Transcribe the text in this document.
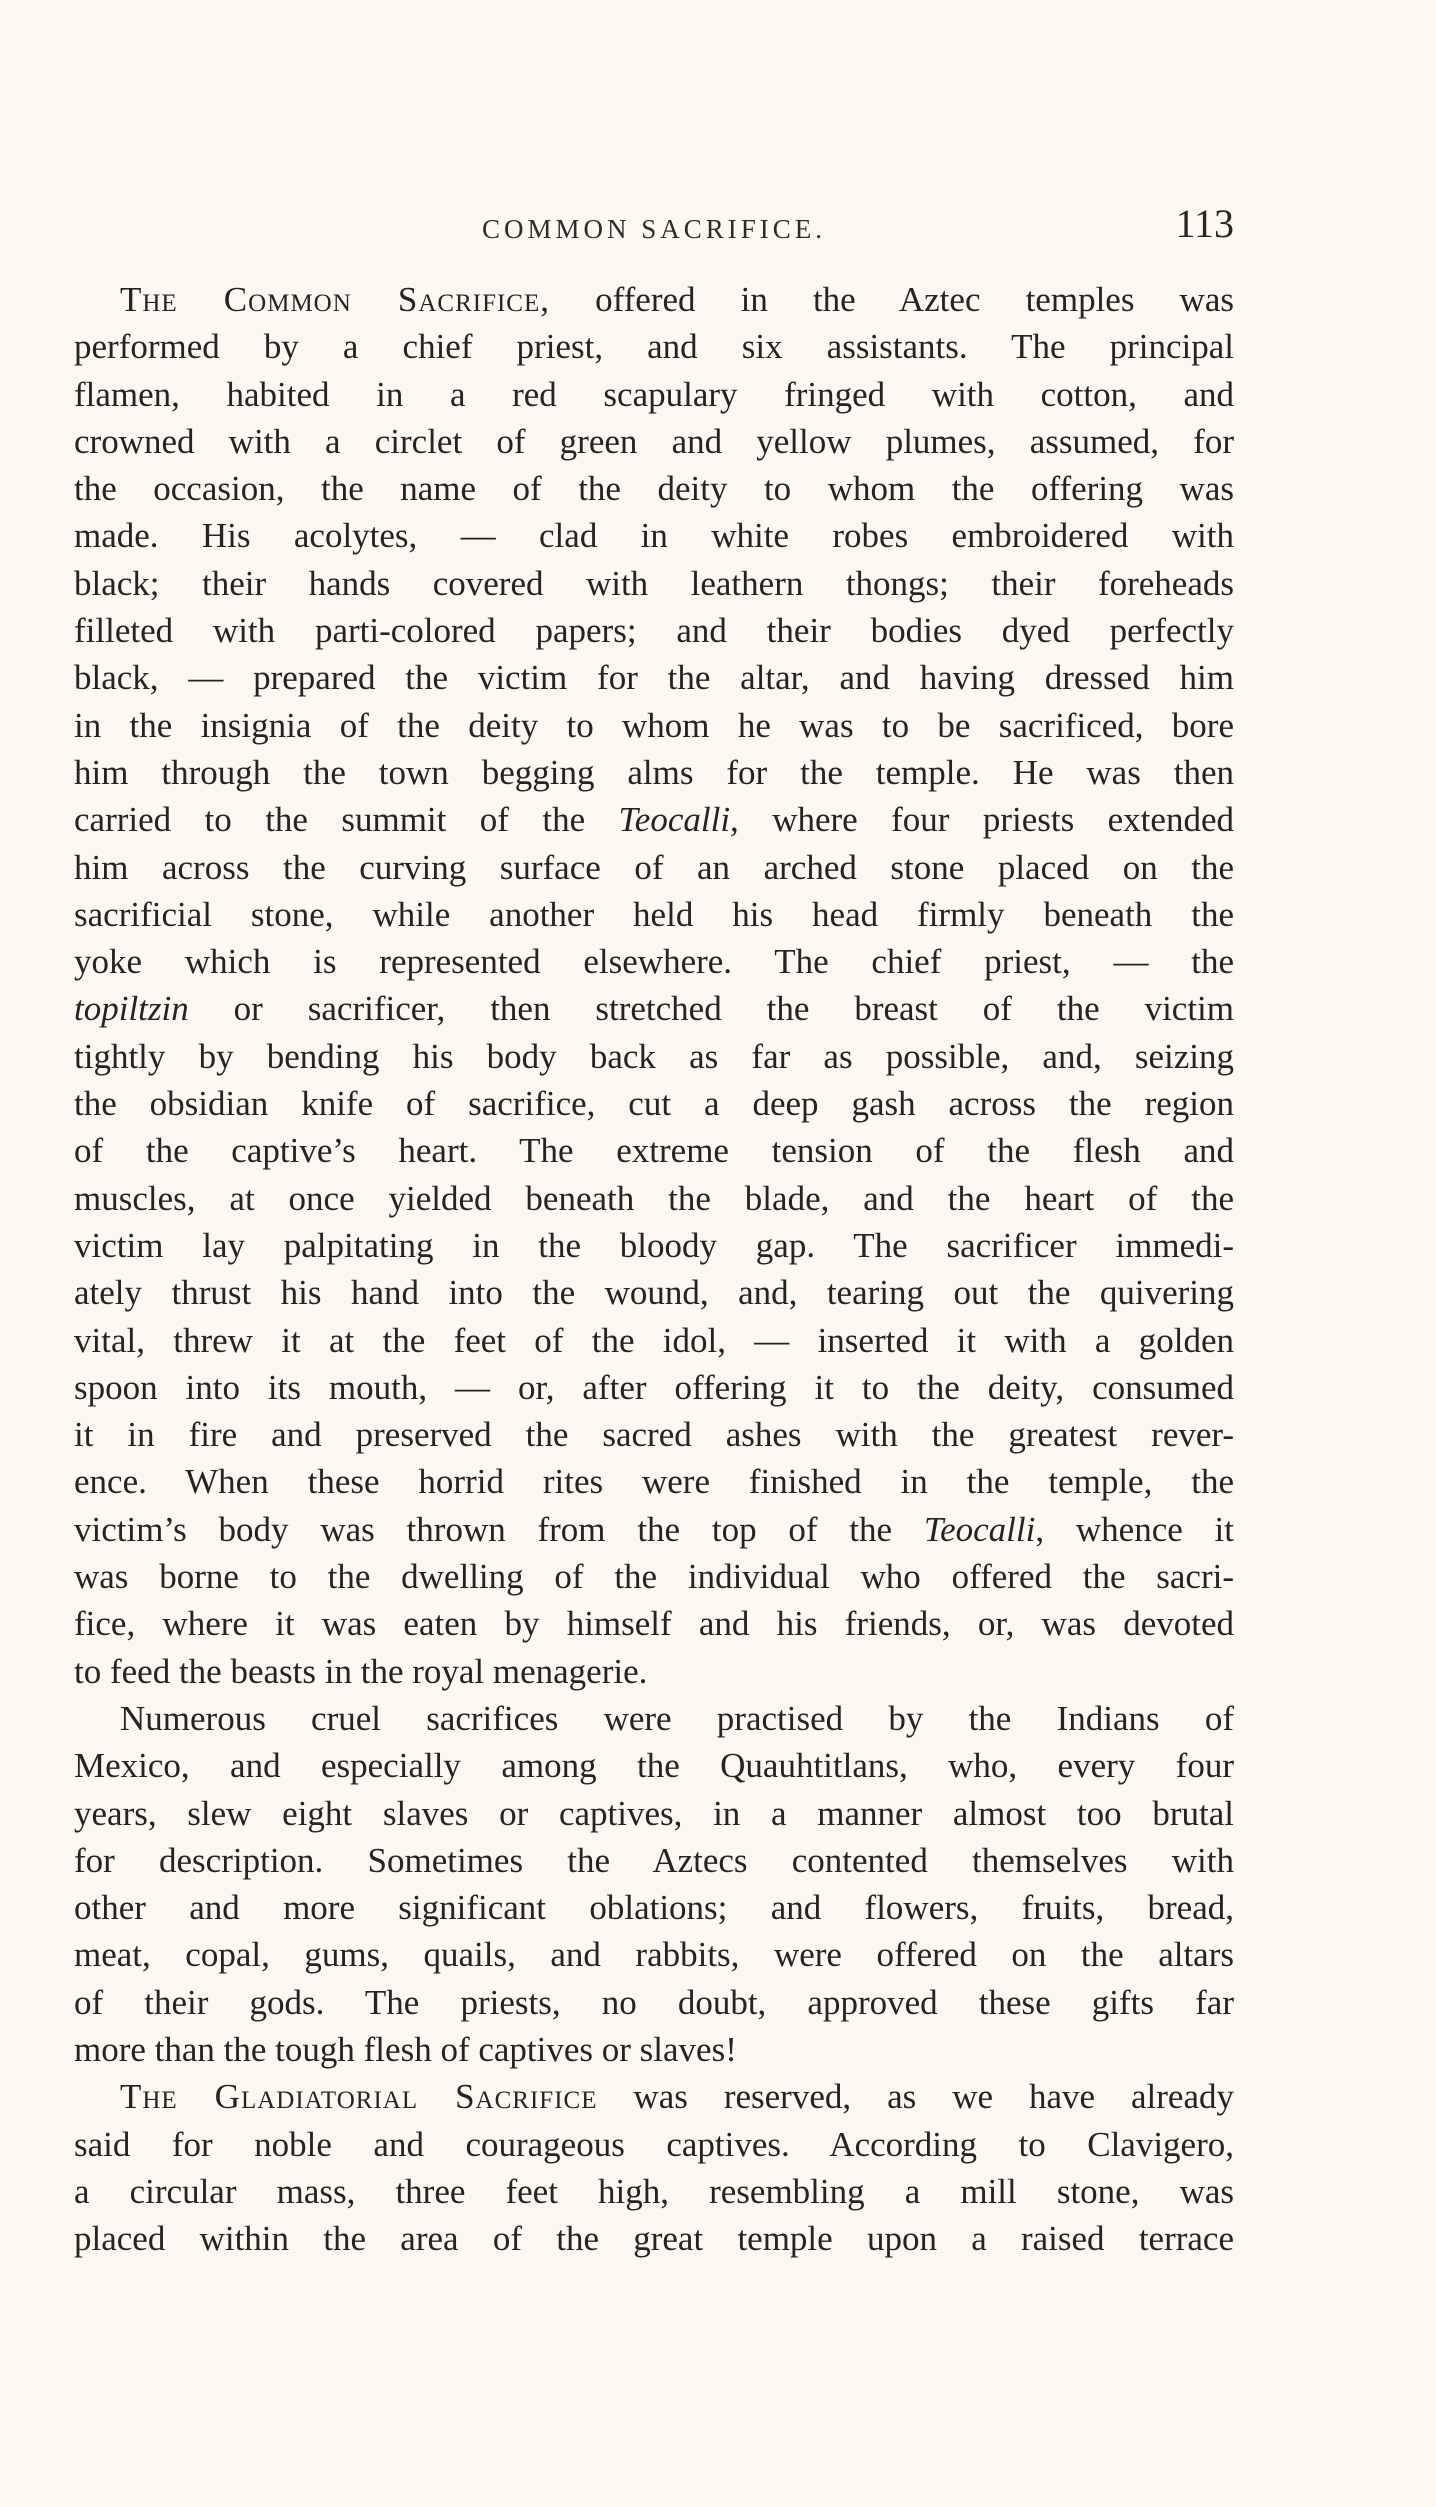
COMMON SACRIFICE.	113
The Common Sacrifice, offered in the Aztec temples was
performed by a chief priest, and six assistants. The principal
flamen, habited in a red scapulary fringed with cotton, and
crowned with a circlet of green and yellow plumes, assumed, for
the occasion, the name of the deity to whom the offering was
made. His acolytes, — clad in white robes embroidered with
black; their hands covered with leathern thongs; their foreheads
filleted with parti-colored papers; and their bodies dyed perfectly
black, — prepared the victim for the altar, and having dressed him
in the insignia of the deity to whom he was to be sacrificed, bore
him through the town begging alms for the temple. He was then
carried to the summit of the Teocalli, where four priests extended
him across the curving surface of an arched stone placed on the
sacrificial stone, while another held his head firmly beneath the
yoke which is represented elsewhere. The chief priest, — the
topiltzin or sacrificer, then stretched the breast of the victim
tightly by bending his body back as far as possible, and, seizing
the obsidian knife of sacrifice, cut a deep gash across the region
of the captive’s heart. The extreme tension of the flesh and
muscles, at once yielded beneath the blade, and the heart of the
victim lay palpitating in the bloody gap. The sacrificer immedi-
ately thrust his hand into the wound, and, tearing out the quivering
vital, threw it at the feet of the idol, — inserted it with a golden
spoon into its mouth, — or, after offering it to the deity, consumed
it in fire and preserved the sacred ashes with the greatest rever-
ence. When these horrid rites were finished in the temple, the
victim’s body was thrown from the top of the Teocalli, whence it
was borne to the dwelling of the individual who offered the sacri-
fice, where it was eaten by himself and his friends, or, was devoted
to feed the beasts in the royal menagerie.
Numerous cruel sacrifices were practised by the Indians of
Mexico, and especially among the Quauhtitlans, who, every four
years, slew eight slaves or captives, in a manner almost too brutal
for description. Sometimes the Aztecs contented themselves with
other and more significant oblations; and flowers, fruits, bread,
meat, copal, gums, quails, and rabbits, were offered on the altars
of their gods. The priests, no doubt, approved these gifts far
more than the tough flesh of captives or slaves!
The Gladiatorial Sacrifice was reserved, as we have already
said for noble and courageous captives. According to Clavigero,
a circular mass, three feet high, resembling a mill stone, was
placed within the area of the great temple upon a raised terrace
